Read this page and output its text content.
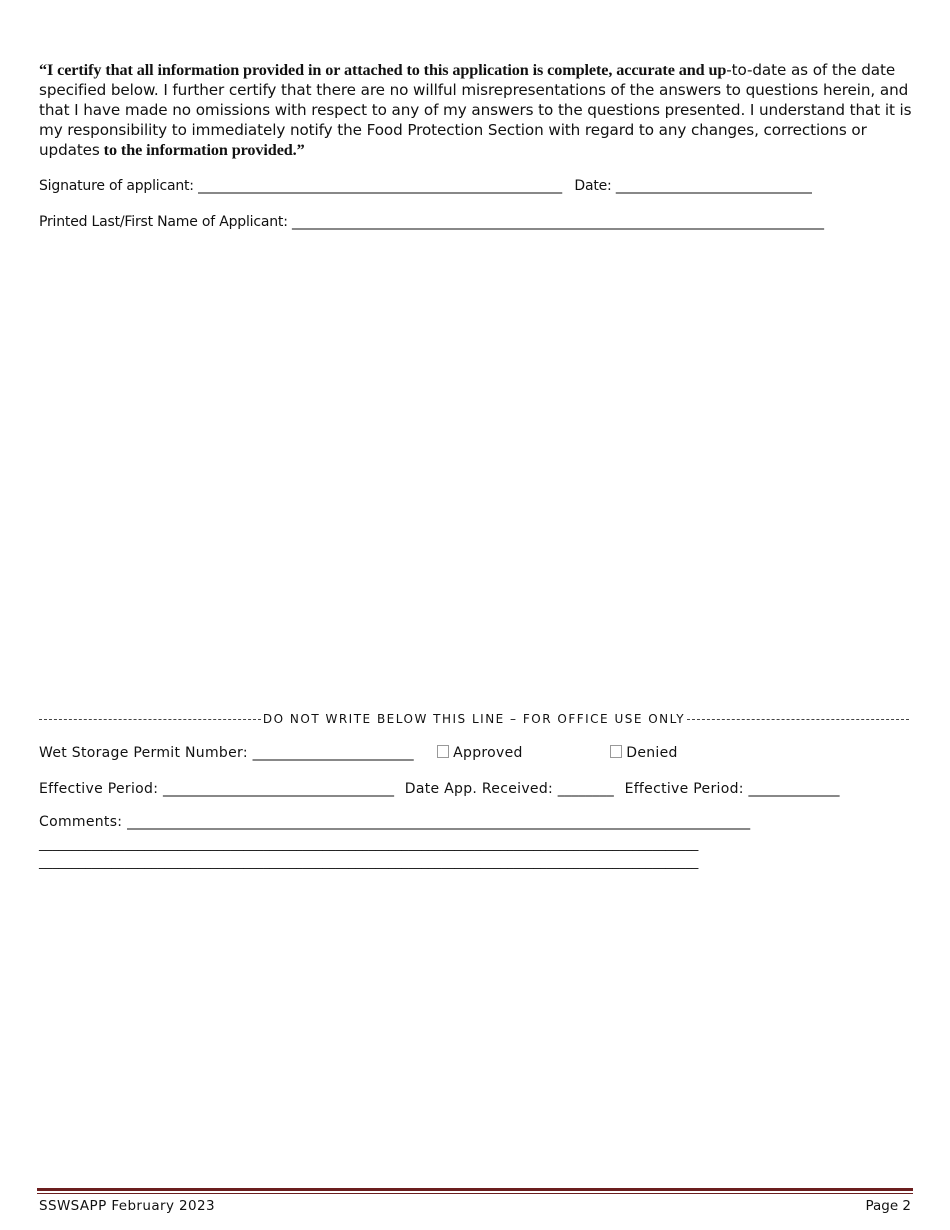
“I certify that all information provided in or attached to this application is complete, accurate and up-to-date as of the date specified below. I further certify that there are no willful misrepresentations of the answers to questions herein, and that I have made no omissions with respect to any of my answers to the questions presented. I understand that it is my responsibility to immediately notify the Food Protection Section with regard to any changes, corrections or updates to the information provided.”
Signature of applicant: ____________________________________________________ Date: ____________________________
Printed Last/First Name of Applicant: ____________________________________________________________________________
DO NOT WRITE BELOW THIS LINE – FOR OFFICE USE ONLY
Wet Storage Permit Number: _______________________	Approved	Denied
Effective Period: _________________________________ Date App. Received: ________ Effective Period: _____________
Comments: _________________________________________________________________________________________
____________________________________________________________________________________________________
____________________________________________________________________________________________________
SSWSAPP February 2023	Page 2
